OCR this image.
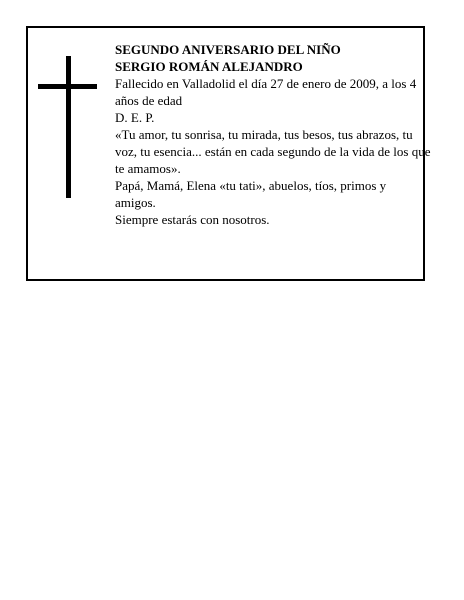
SEGUNDO ANIVERSARIO DEL NIÑO

SERGIO ROMÁN ALEJANDRO

Fallecido en Valladolid el día 27 de enero de 2009, a los 4 años de edad

D. E. P.

«Tu amor, tu sonrisa, tu mirada, tus besos, tus abrazos, tu voz, tu esencia... están en cada segundo de la vida de los que te amamos».

Papá, Mamá, Elena «tu tati», abuelos, tíos, primos y amigos.

Siempre estarás con nosotros.
